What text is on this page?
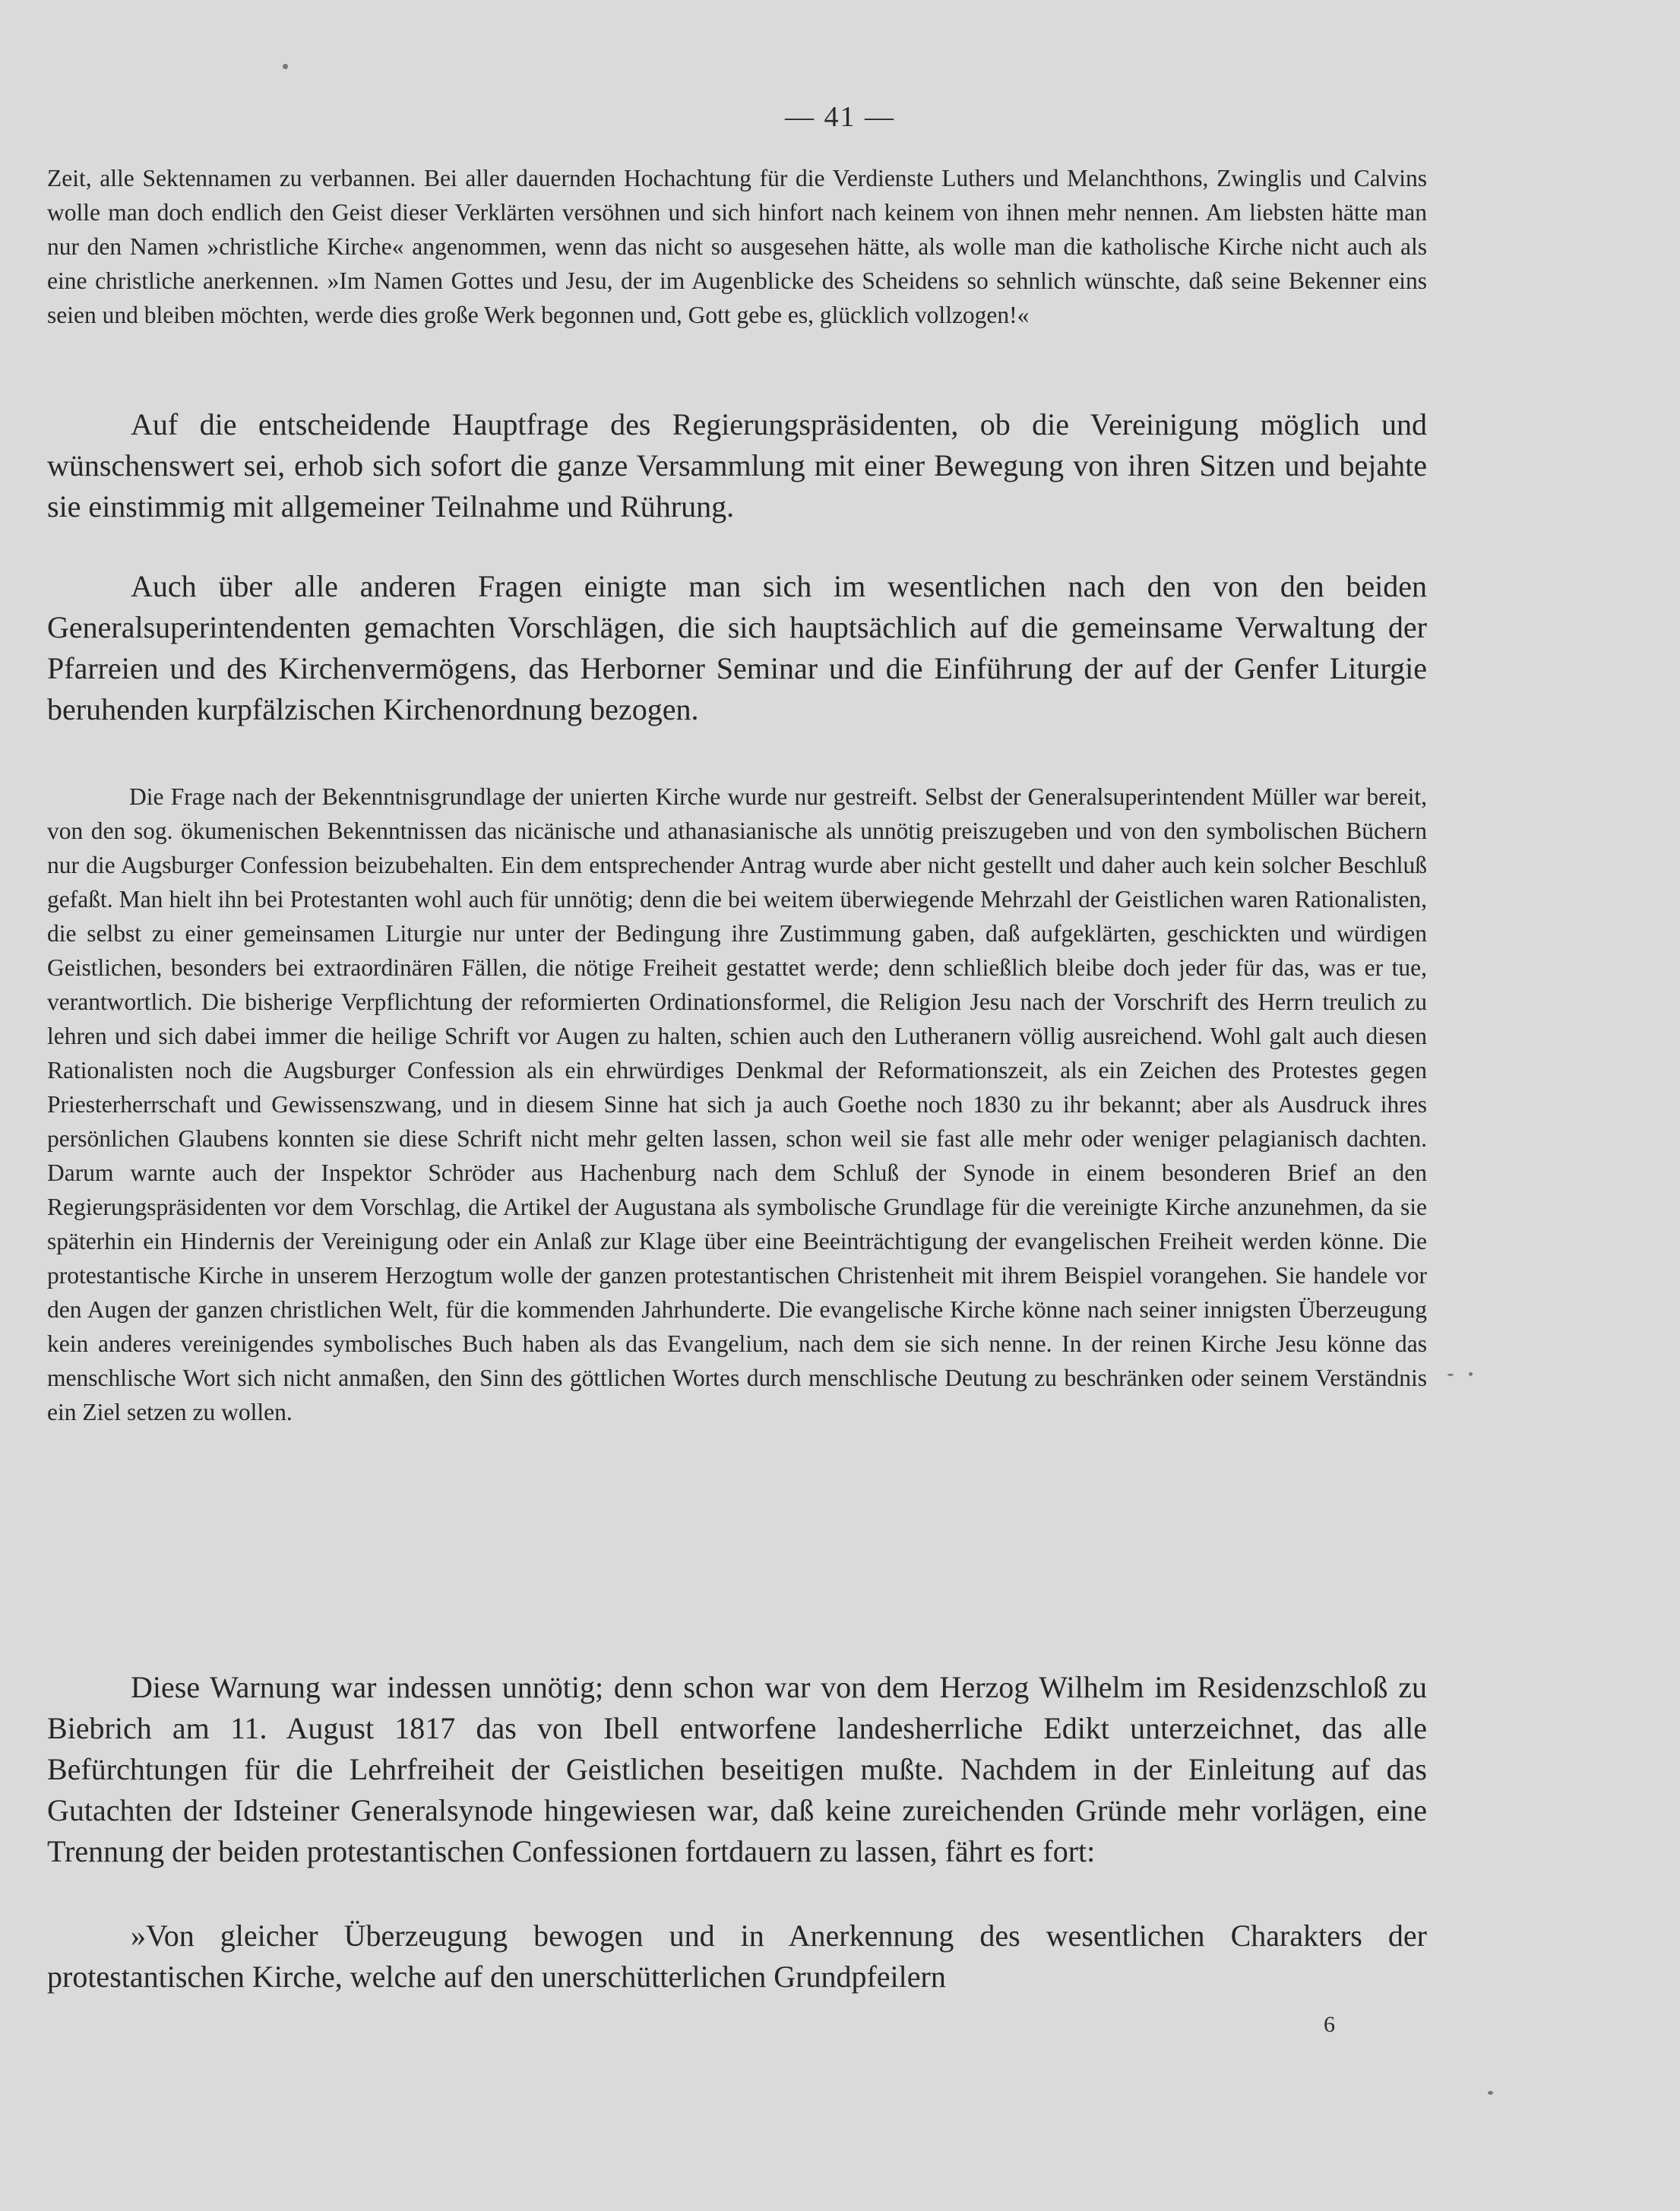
— 41 —

Zeit, alle Sektennamen zu verbannen. Bei aller dauernden Hochachtung für die Verdienste Luthers und Melanchthons, Zwinglis und Calvins wolle man doch endlich den Geist dieser Verklärten versöhnen und sich hinfort nach keinem von ihnen mehr nennen. Am liebsten hätte man nur den Namen »christliche Kirche« angenommen, wenn das nicht so ausgesehen hätte, als wolle man die katholische Kirche nicht auch als eine christliche anerkennen. »Im Namen Gottes und Jesu, der im Augenblicke des Scheidens so sehnlich wünschte, daß seine Bekenner eins seien und bleiben möchten, werde dies große Werk begonnen und, Gott gebe es, glücklich vollzogen!«

Auf die entscheidende Hauptfrage des Regierungspräsidenten, ob die Vereinigung möglich und wünschenswert sei, erhob sich sofort die ganze Versammlung mit einer Bewegung von ihren Sitzen und bejahte sie einstimmig mit allgemeiner Teilnahme und Rührung.

Auch über alle anderen Fragen einigte man sich im wesentlichen nach den von den beiden Generalsuperintendenten gemachten Vorschlägen, die sich hauptsächlich auf die gemeinsame Verwaltung der Pfarreien und des Kirchenvermögens, das Herborner Seminar und die Einführung der auf der Genfer Liturgie beruhenden kurpfälzischen Kirchenordnung bezogen.

Die Frage nach der Bekenntnisgrundlage der unierten Kirche wurde nur gestreift. Selbst der Generalsuperintendent Müller war bereit, von den sog. ökumenischen Bekenntnissen das nicänische und athanasianische als unnötig preiszugeben und von den symbolischen Büchern nur die Augsburger Confession beizubehalten. Ein dem entsprechender Antrag wurde aber nicht gestellt und daher auch kein solcher Beschluß gefaßt. Man hielt ihn bei Protestanten wohl auch für unnötig; denn die bei weitem überwiegende Mehrzahl der Geistlichen waren Rationalisten, die selbst zu einer gemeinsamen Liturgie nur unter der Bedingung ihre Zustimmung gaben, daß aufgeklärten, geschickten und würdigen Geistlichen, besonders bei extraordinären Fällen, die nötige Freiheit gestattet werde; denn schließlich bleibe doch jeder für das, was er tue, verantwortlich. Die bisherige Verpflichtung der reformierten Ordinationsformel, die Religion Jesu nach der Vorschrift des Herrn treulich zu lehren und sich dabei immer die heilige Schrift vor Augen zu halten, schien auch den Lutheranern völlig ausreichend. Wohl galt auch diesen Rationalisten noch die Augsburger Confession als ein ehrwürdiges Denkmal der Reformationszeit, als ein Zeichen des Protestes gegen Priesterherrschaft und Gewissenszwang, und in diesem Sinne hat sich ja auch Goethe noch 1830 zu ihr bekannt; aber als Ausdruck ihres persönlichen Glaubens konnten sie diese Schrift nicht mehr gelten lassen, schon weil sie fast alle mehr oder weniger pelagianisch dachten. Darum warnte auch der Inspektor Schröder aus Hachenburg nach dem Schluß der Synode in einem besonderen Brief an den Regierungspräsidenten vor dem Vorschlag, die Artikel der Augustana als symbolische Grundlage für die vereinigte Kirche anzunehmen, da sie späterhin ein Hindernis der Vereinigung oder ein Anlaß zur Klage über eine Beeinträchtigung der evangelischen Freiheit werden könne. Die protestantische Kirche in unserem Herzogtum wolle der ganzen protestantischen Christenheit mit ihrem Beispiel vorangehen. Sie handele vor den Augen der ganzen christlichen Welt, für die kommenden Jahrhunderte. Die evangelische Kirche könne nach seiner innigsten Überzeugung kein anderes vereinigendes symbolisches Buch haben als das Evangelium, nach dem sie sich nenne. In der reinen Kirche Jesu könne das menschlische Wort sich nicht anmaßen, den Sinn des göttlichen Wortes durch menschlische Deutung zu beschränken oder seinem Verständnis ein Ziel setzen zu wollen.

Diese Warnung war indessen unnötig; denn schon war von dem Herzog Wilhelm im Residenzschloß zu Biebrich am 11. August 1817 das von Ibell entworfene landesherrliche Edikt unterzeichnet, das alle Befürchtungen für die Lehrfreiheit der Geistlichen beseitigen mußte. Nachdem in der Einleitung auf das Gutachten der Idsteiner Generalsynode hingewiesen war, daß keine zureichenden Gründe mehr vorlägen, eine Trennung der beiden protestantischen Confessionen fortdauern zu lassen, fährt es fort:

»Von gleicher Überzeugung bewogen und in Anerkennung des wesentlichen Charakters der protestantischen Kirche, welche auf den unerschütterlichen Grundpfeilern

6
